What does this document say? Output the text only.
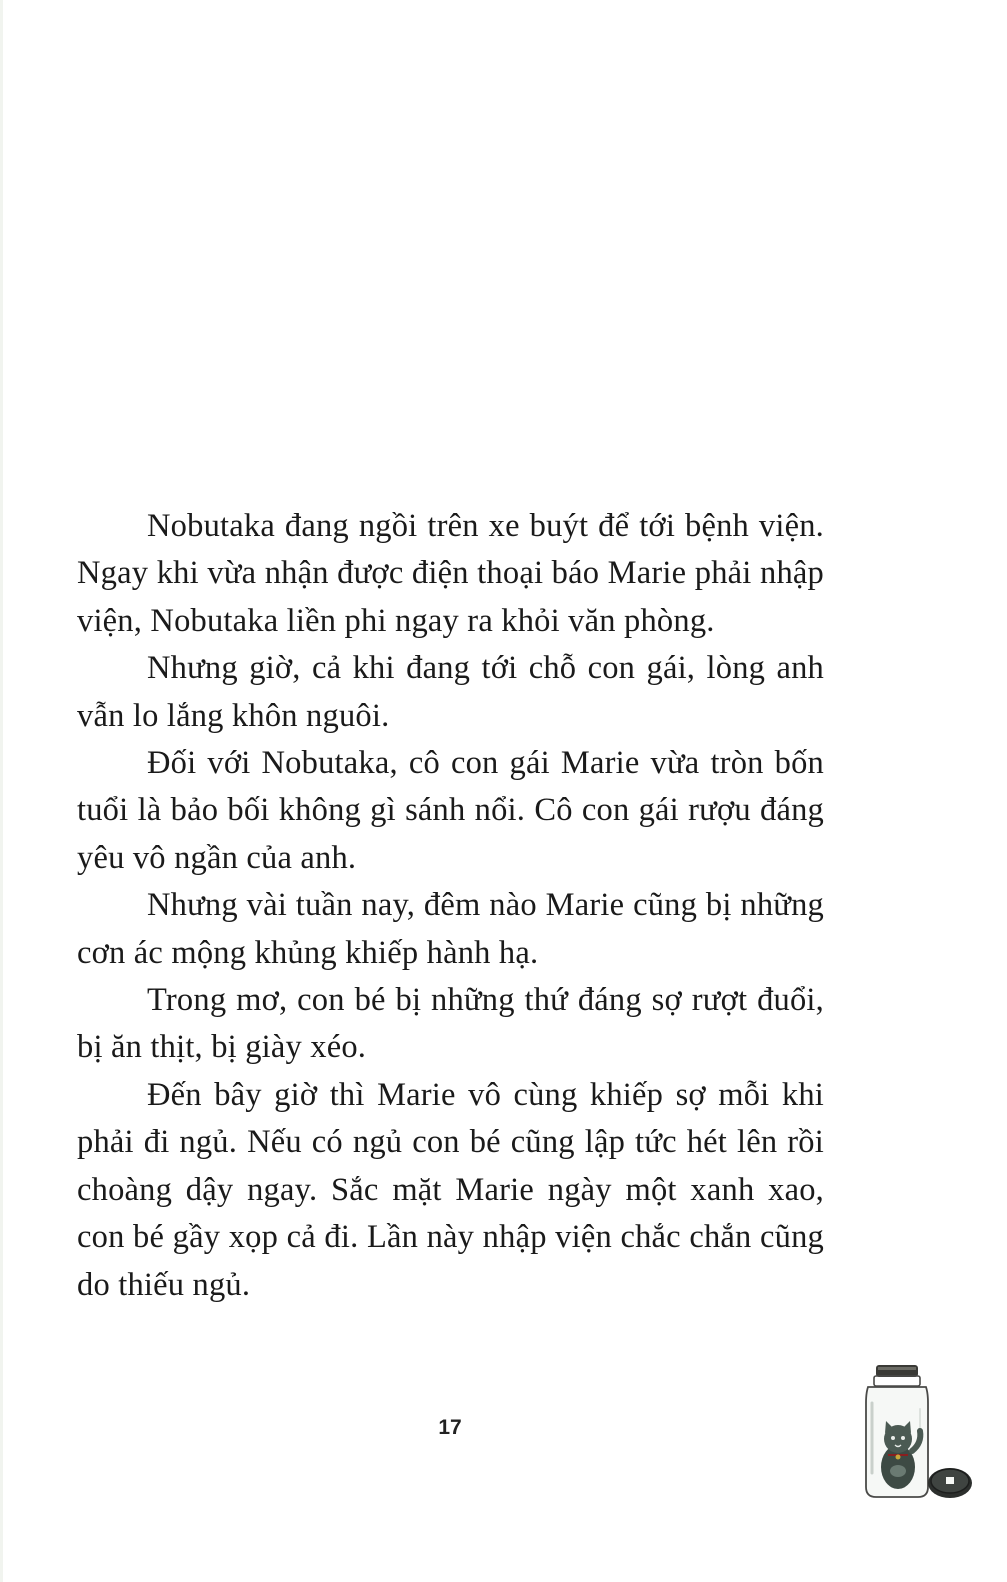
Nobutaka đang ngồi trên xe buýt để tới bệnh viện. Ngay khi vừa nhận được điện thoại báo Marie phải nhập viện, Nobutaka liền phi ngay ra khỏi văn phòng.

Nhưng giờ, cả khi đang tới chỗ con gái, lòng anh vẫn lo lắng khôn nguôi.

Đối với Nobutaka, cô con gái Marie vừa tròn bốn tuổi là bảo bối không gì sánh nổi. Cô con gái rượu đáng yêu vô ngần của anh.

Nhưng vài tuần nay, đêm nào Marie cũng bị những cơn ác mộng khủng khiếp hành hạ.

Trong mơ, con bé bị những thứ đáng sợ rượt đuổi, bị ăn thịt, bị giày xéo.

Đến bây giờ thì Marie vô cùng khiếp sợ mỗi khi phải đi ngủ. Nếu có ngủ con bé cũng lập tức hét lên rồi choàng dậy ngay. Sắc mặt Marie ngày một xanh xao, con bé gầy xọp cả đi. Lần này nhập viện chắc chắn cũng do thiếu ngủ.

17
